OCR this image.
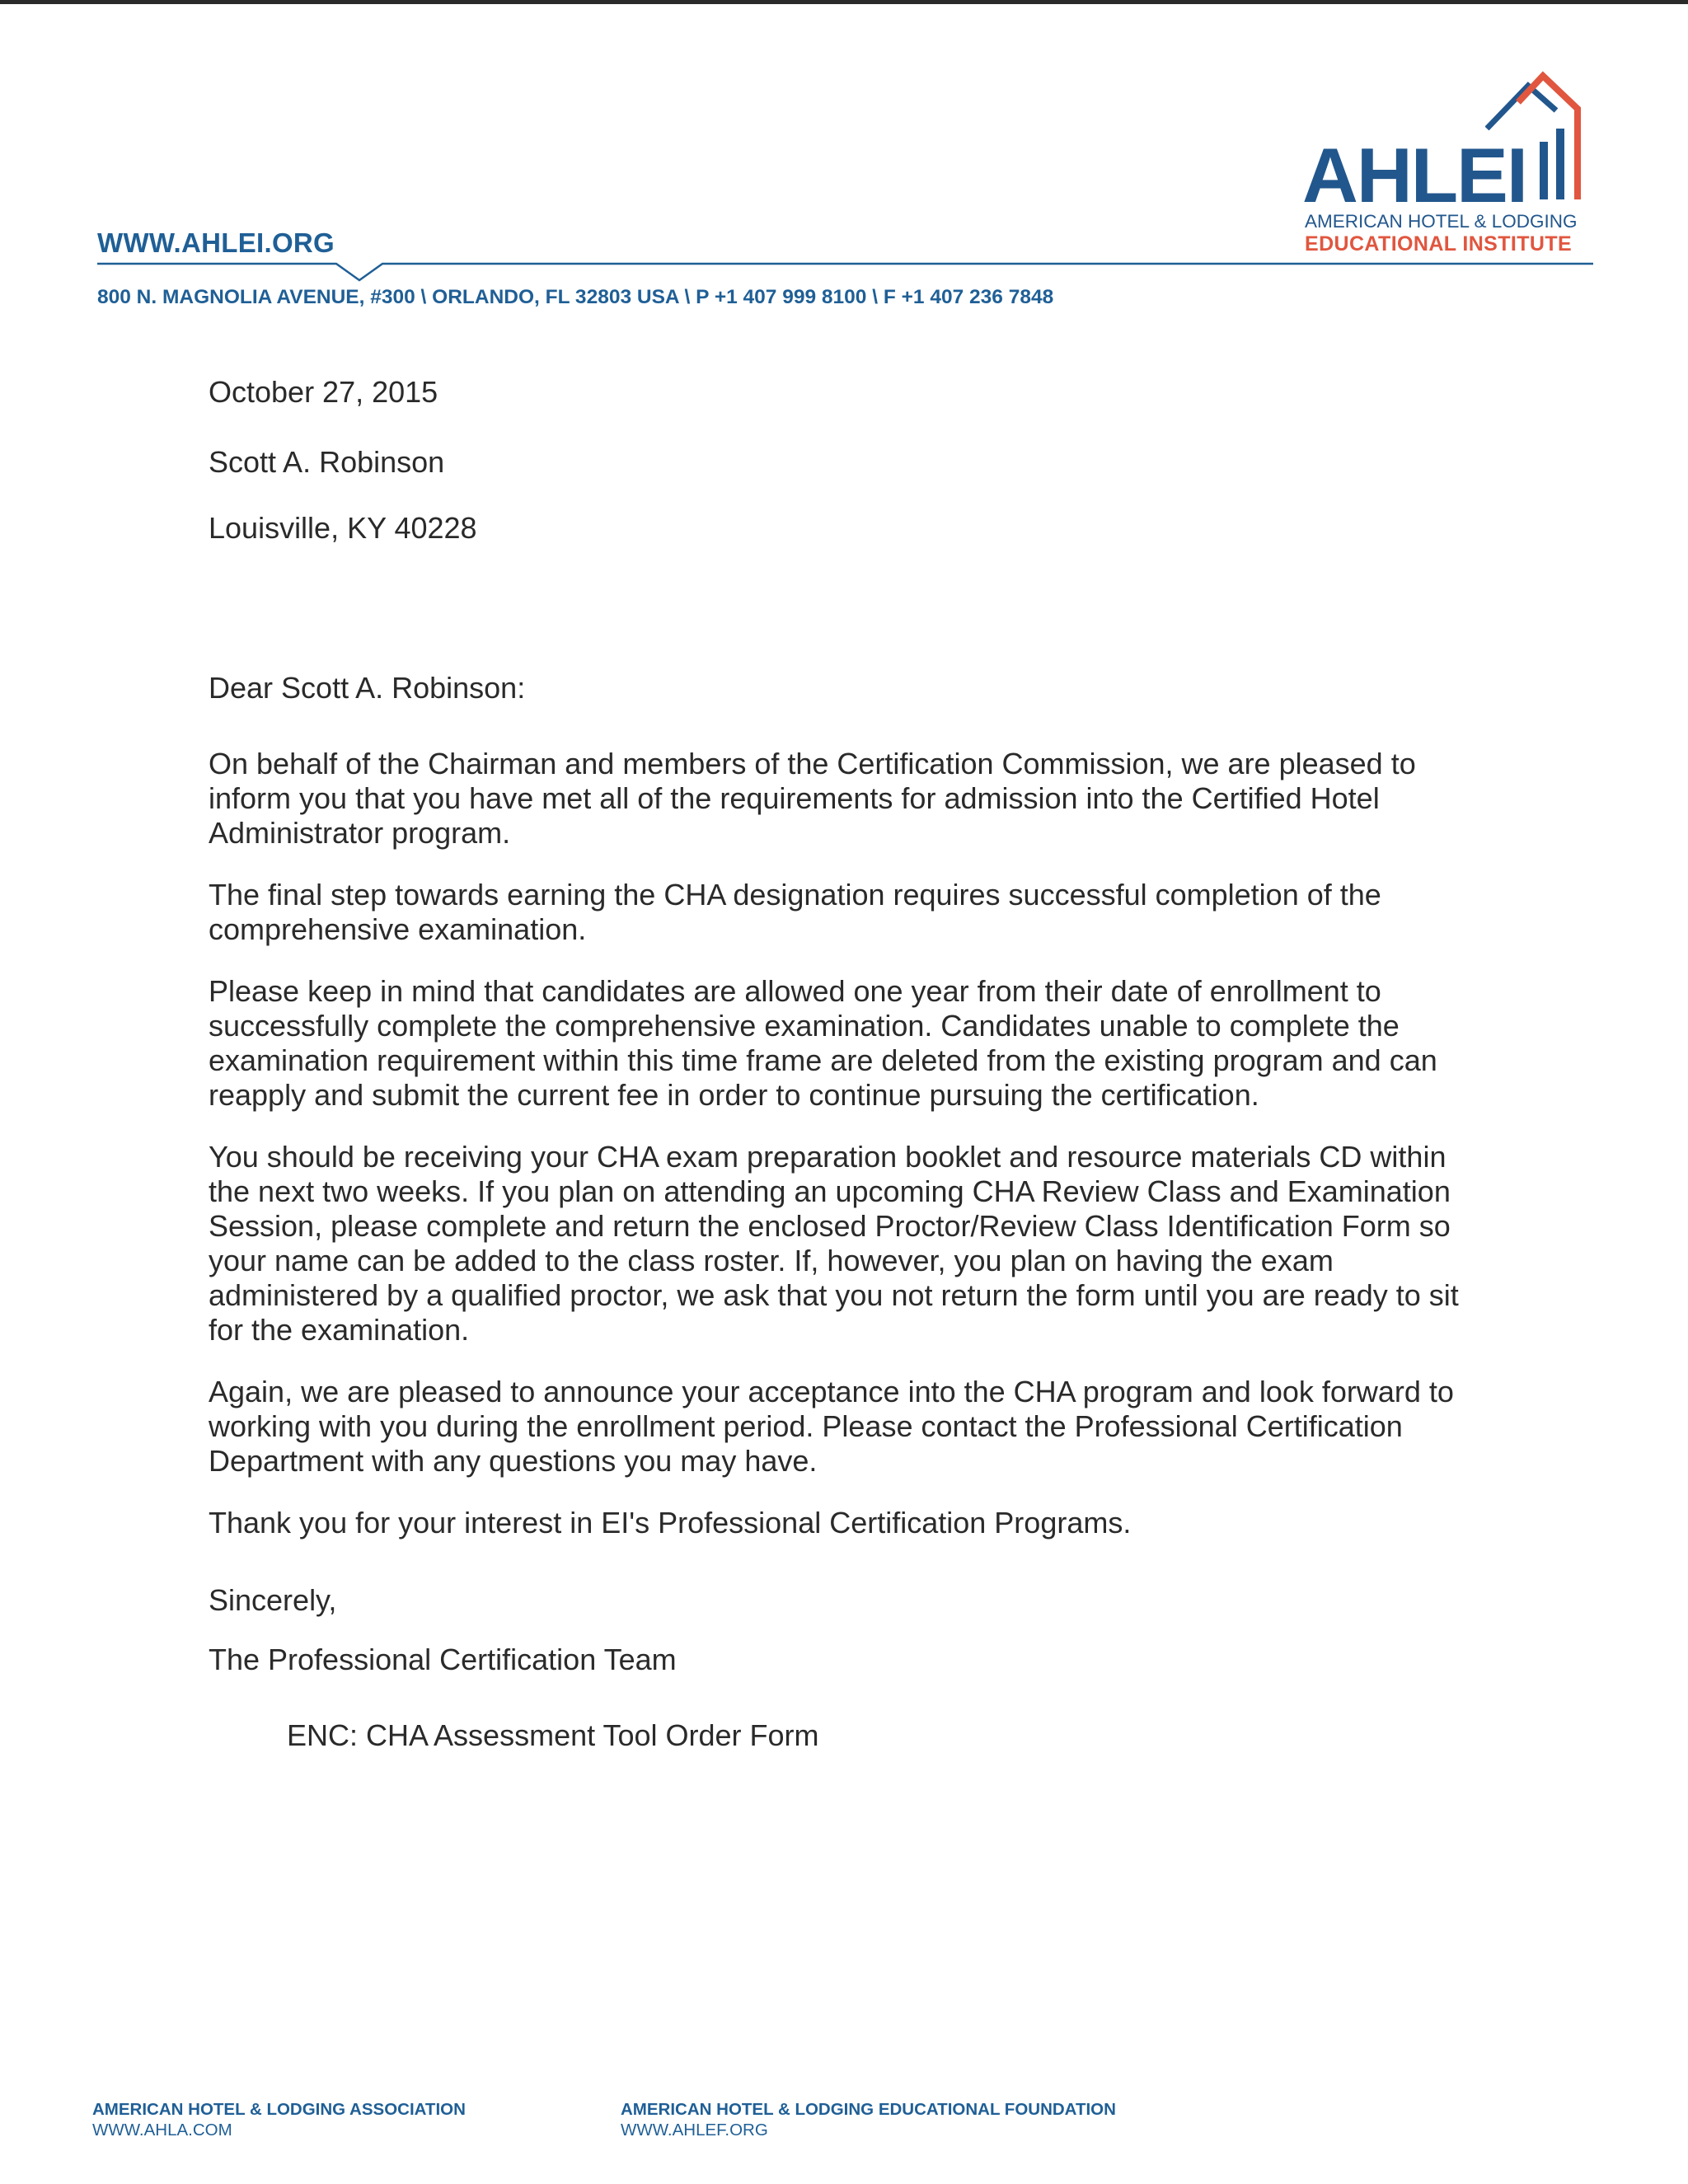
AHLEI
AMERICAN HOTEL & LODGING
EDUCATIONAL INSTITUTE
WWW.AHLEI.ORG
800 N. MAGNOLIA AVENUE, #300 \ ORLANDO, FL 32803 USA \ P +1 407 999 8100 \ F +1 407 236 7848

October 27, 2015

Scott A. Robinson

Louisville, KY 40228

Dear Scott A. Robinson:

On behalf of the Chairman and members of the Certification Commission, we are pleased to inform you that you have met all of the requirements for admission into the Certified Hotel Administrator program.

The final step towards earning the CHA designation requires successful completion of the comprehensive examination.

Please keep in mind that candidates are allowed one year from their date of enrollment to successfully complete the comprehensive examination. Candidates unable to complete the examination requirement within this time frame are deleted from the existing program and can reapply and submit the current fee in order to continue pursuing the certification.

You should be receiving your CHA exam preparation booklet and resource materials CD within the next two weeks. If you plan on attending an upcoming CHA Review Class and Examination Session, please complete and return the enclosed Proctor/Review Class Identification Form so your name can be added to the class roster. If, however, you plan on having the exam administered by a qualified proctor, we ask that you not return the form until you are ready to sit for the examination.

Again, we are pleased to announce your acceptance into the CHA program and look forward to working with you during the enrollment period. Please contact the Professional Certification Department with any questions you may have.

Thank you for your interest in EI's Professional Certification Programs.

Sincerely,

The Professional Certification Team

ENC: CHA Assessment Tool Order Form

AMERICAN HOTEL & LODGING ASSOCIATION
WWW.AHLA.COM
AMERICAN HOTEL & LODGING EDUCATIONAL FOUNDATION
WWW.AHLEF.ORG
